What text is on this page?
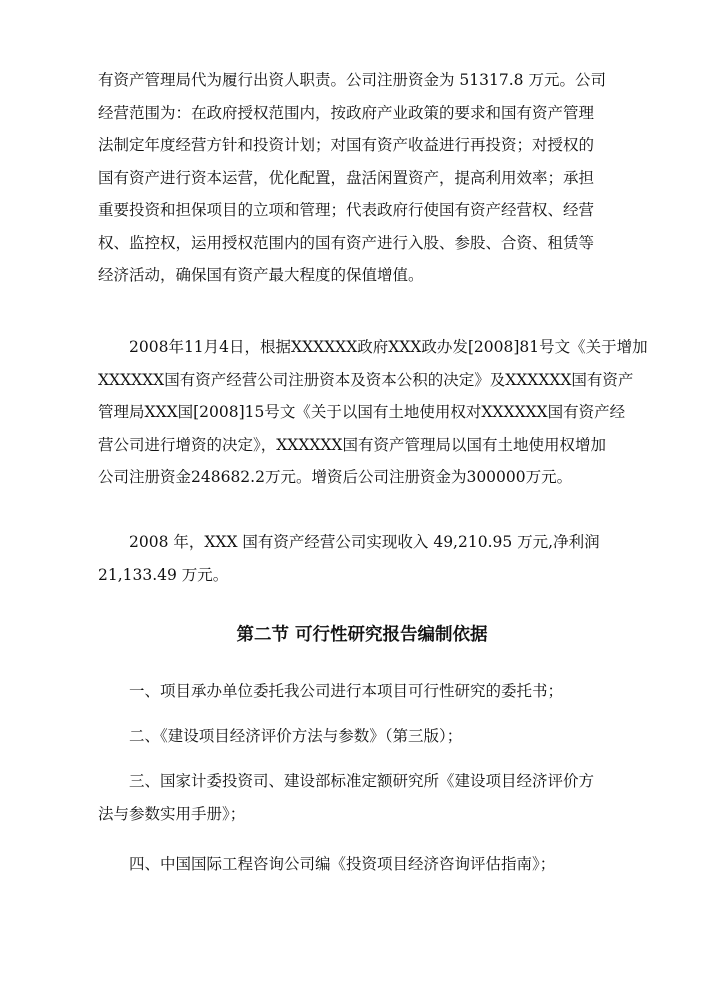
有资产管理局代为履行出资人职责。公司注册资金为 51317.8 万元。公司
经营范围为：在政府授权范围内，按政府产业政策的要求和国有资产管理
法制定年度经营方针和投资计划；对国有资产收益进行再投资；对授权的
国有资产进行资本运营，优化配置，盘活闲置资产，提高利用效率；承担
重要投资和担保项目的立项和管理；代表政府行使国有资产经营权、经营
权、监控权，运用授权范围内的国有资产进行入股、参股、合资、租赁等
经济活动，确保国有资产最大程度的保值增值。
2008年11月4日，根据XXXXXX政府XXX政办发[2008]81号文《关于增加
XXXXXX国有资产经营公司注册资本及资本公积的决定》及XXXXXX国有资产
管理局XXX国[2008]15号文《关于以国有土地使用权对XXXXXX国有资产经
营公司进行增资的决定》，XXXXXX国有资产管理局以国有土地使用权增加
公司注册资金248682.2万元。增资后公司注册资金为300000万元。
2008 年，XXX 国有资产经营公司实现收入 49,210.95 万元,净利润
21,133.49 万元。
第二节 可行性研究报告编制依据
一、项目承办单位委托我公司进行本项目可行性研究的委托书；
二、《建设项目经济评价方法与参数》（第三版）；
三、国家计委投资司、建设部标准定额研究所《建设项目经济评价方
法与参数实用手册》；
四、中国国际工程咨询公司编《投资项目经济咨询评估指南》；
